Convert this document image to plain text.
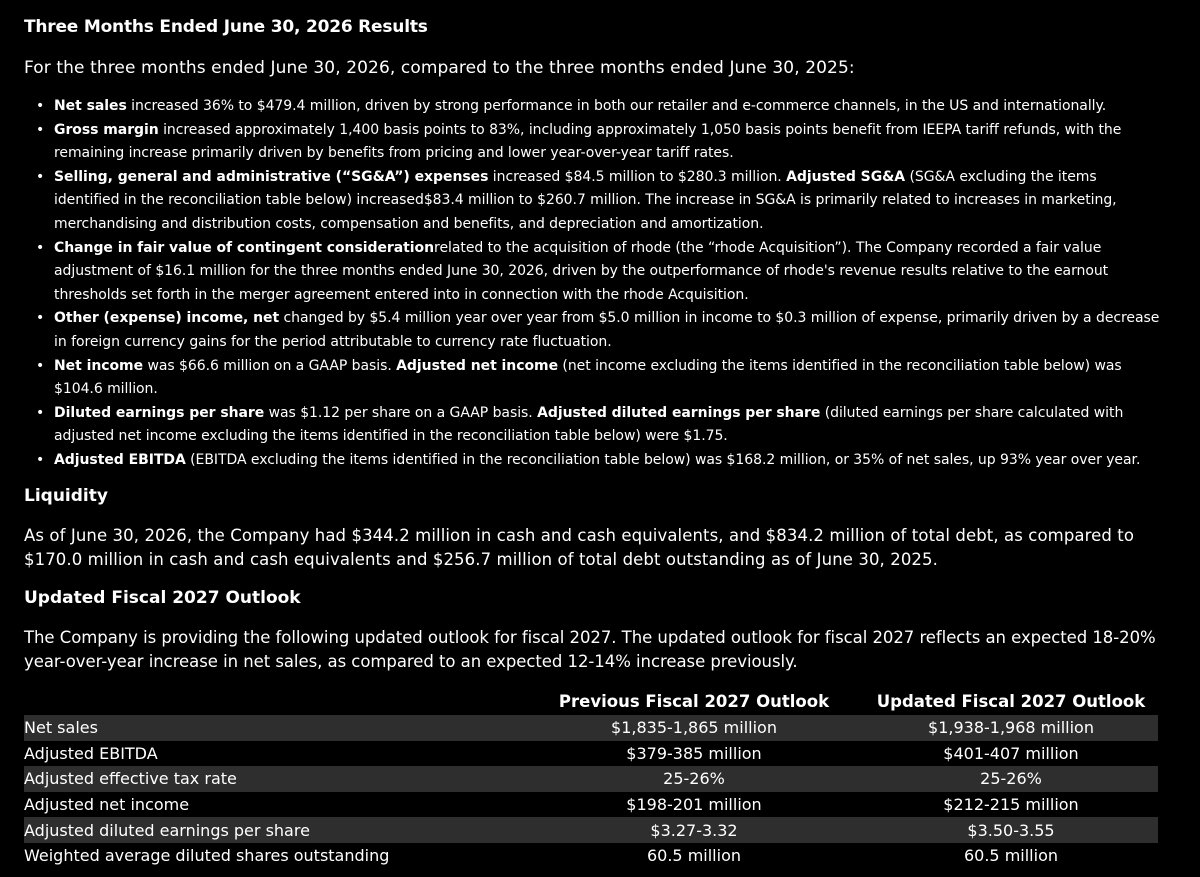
Three Months Ended June 30, 2026 Results
For the three months ended June 30, 2026, compared to the three months ended June 30, 2025:
• Net sales increased 36% to $479.4 million, driven by strong performance in both our retailer and e-commerce channels, in the US and internationally.
• Gross margin increased approximately 1,400 basis points to 83%, including approximately 1,050 basis points benefit from IEEPA tariff refunds, with the remaining increase primarily driven by benefits from pricing and lower year-over-year tariff rates.
• Selling, general and administrative (“SG&A”) expenses increased $84.5 million to $280.3 million. Adjusted SG&A (SG&A excluding the items identified in the reconciliation table below) increased$83.4 million to $260.7 million. The increase in SG&A is primarily related to increases in marketing, merchandising and distribution costs, compensation and benefits, and depreciation and amortization.
• Change in fair value of contingent considerationrelated to the acquisition of rhode (the “rhode Acquisition”). The Company recorded a fair value adjustment of $16.1 million for the three months ended June 30, 2026, driven by the outperformance of rhode's revenue results relative to the earnout thresholds set forth in the merger agreement entered into in connection with the rhode Acquisition.
• Other (expense) income, net changed by $5.4 million year over year from $5.0 million in income to $0.3 million of expense, primarily driven by a decrease in foreign currency gains for the period attributable to currency rate fluctuation.
• Net income was $66.6 million on a GAAP basis. Adjusted net income (net income excluding the items identified in the reconciliation table below) was $104.6 million.
• Diluted earnings per share was $1.12 per share on a GAAP basis. Adjusted diluted earnings per share (diluted earnings per share calculated with adjusted net income excluding the items identified in the reconciliation table below) were $1.75.
• Adjusted EBITDA (EBITDA excluding the items identified in the reconciliation table below) was $168.2 million, or 35% of net sales, up 93% year over year.
Liquidity
As of June 30, 2026, the Company had $344.2 million in cash and cash equivalents, and $834.2 million of total debt, as compared to $170.0 million in cash and cash equivalents and $256.7 million of total debt outstanding as of June 30, 2025.
Updated Fiscal 2027 Outlook
The Company is providing the following updated outlook for fiscal 2027. The updated outlook for fiscal 2027 reflects an expected 18-20% year-over-year increase in net sales, as compared to an expected 12-14% increase previously.
	Previous Fiscal 2027 Outlook	Updated Fiscal 2027 Outlook
Net sales	$1,835-1,865 million	$1,938-1,968 million
Adjusted EBITDA	$379-385 million	$401-407 million
Adjusted effective tax rate	25-26%	25-26%
Adjusted net income	$198-201 million	$212-215 million
Adjusted diluted earnings per share	$3.27-3.32	$3.50-3.55
Weighted average diluted shares outstanding	60.5 million	60.5 million
